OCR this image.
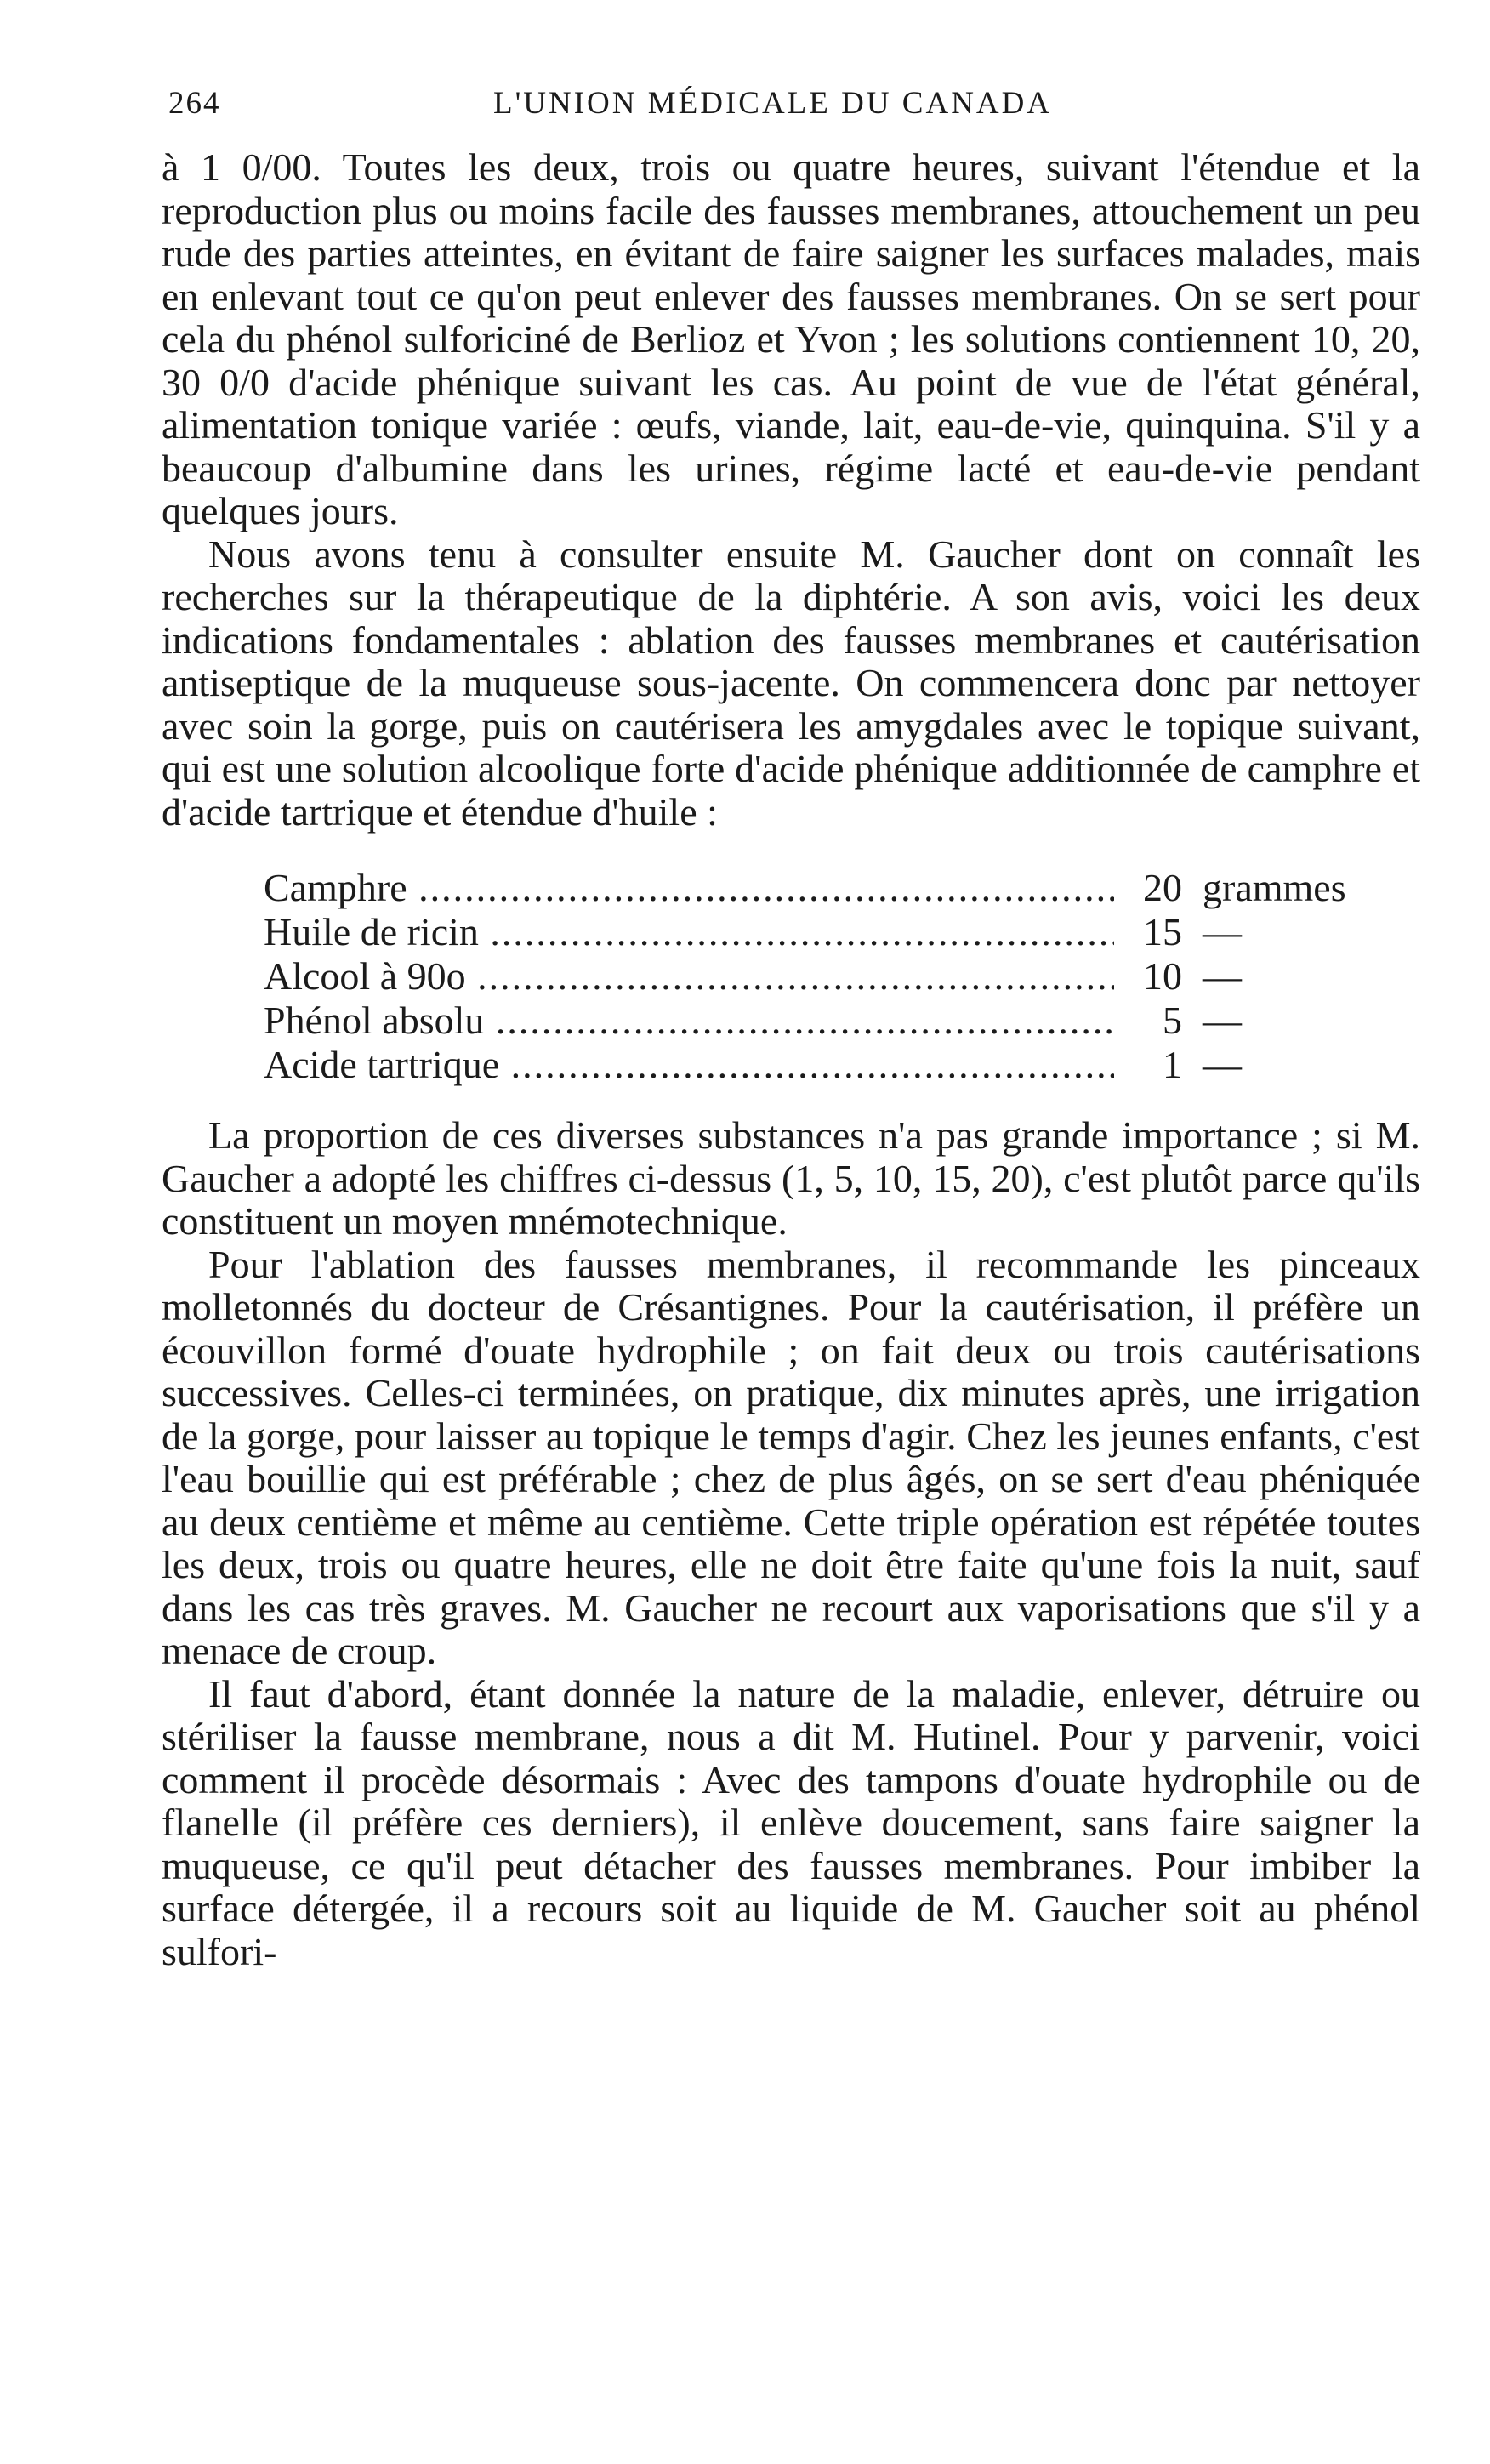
264	L'UNION MÉDICALE DU CANADA

à 1 0/00. Toutes les deux, trois ou quatre heures, suivant l'étendue et la reproduction plus ou moins facile des fausses membranes, attouchement un peu rude des parties atteintes, en évitant de faire saigner les surfaces malades, mais en enlevant tout ce qu'on peut enlever des fausses membranes. On se sert pour cela du phénol sulforiciné de Berlioz et Yvon ; les solutions contiennent 10, 20, 30 0/0 d'acide phénique suivant les cas. Au point de vue de l'état général, alimentation tonique variée : œufs, viande, lait, eau-de-vie, quinquina. S'il y a beaucoup d'albumine dans les urines, régime lacté et eau-de-vie pendant quelques jours.

Nous avons tenu à consulter ensuite M. Gaucher dont on connaît les recherches sur la thérapeutique de la diphtérie. A son avis, voici les deux indications fondamentales : ablation des fausses membranes et cautérisation antiseptique de la muqueuse sous-jacente. On commencera donc par nettoyer avec soin la gorge, puis on cautérisera les amygdales avec le topique suivant, qui est une solution alcoolique forte d'acide phénique additionnée de camphre et d'acide tartrique et étendue d'huile :

Camphre .....	20 grammes
Huile de ricin .....	15 —
Alcool à 90o .....	10 —
Phénol absolu .....	5 —
Acide tartrique .....	1 —

La proportion de ces diverses substances n'a pas grande importance ; si M. Gaucher a adopté les chiffres ci-dessus (1, 5, 10, 15, 20), c'est plutôt parce qu'ils constituent un moyen mnémotechnique.

Pour l'ablation des fausses membranes, il recommande les pinceaux molletonnés du docteur de Crésantignes. Pour la cautérisation, il préfère un écouvillon formé d'ouate hydrophile ; on fait deux ou trois cautérisations successives. Celles-ci terminées, on pratique, dix minutes après, une irrigation de la gorge, pour laisser au topique le temps d'agir. Chez les jeunes enfants, c'est l'eau bouillie qui est préférable ; chez de plus âgés, on se sert d'eau phéniquée au deux centième et même au centième. Cette triple opération est répétée toutes les deux, trois ou quatre heures, elle ne doit être faite qu'une fois la nuit, sauf dans les cas très graves. M. Gaucher ne recourt aux vaporisations que s'il y a menace de croup.

Il faut d'abord, étant donnée la nature de la maladie, enlever, détruire ou stériliser la fausse membrane, nous a dit M. Hutinel. Pour y parvenir, voici comment il procède désormais : Avec des tampons d'ouate hydrophile ou de flanelle (il préfère ces derniers), il enlève doucement, sans faire saigner la muqueuse, ce qu'il peut détacher des fausses membranes. Pour imbiber la surface détergée, il a recours soit au liquide de M. Gaucher soit au phénol sulfori-
